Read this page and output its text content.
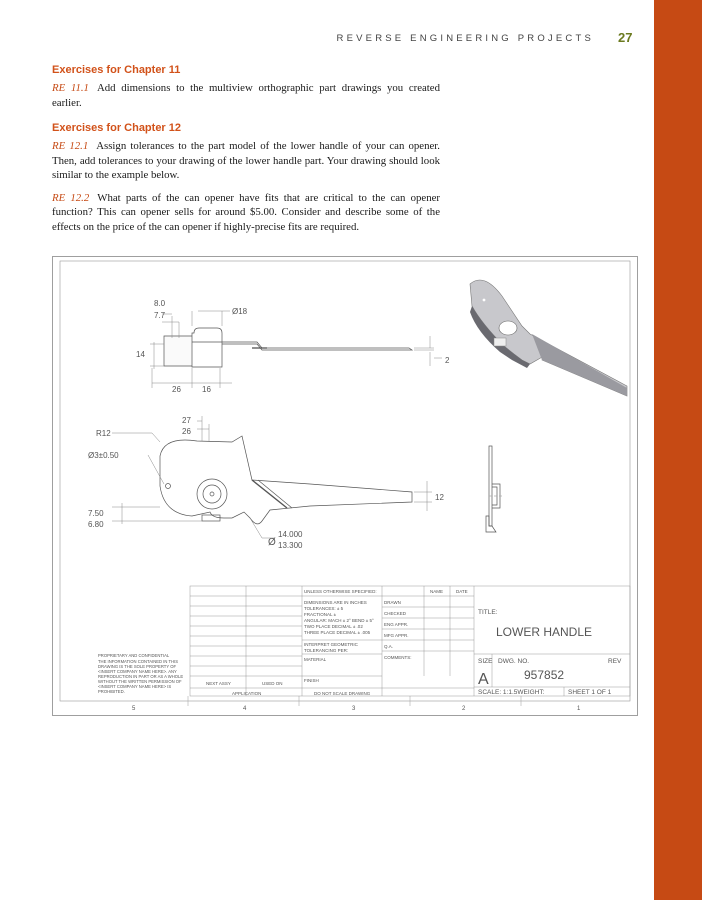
REVERSE ENGINEERING PROJECTS 27
Exercises for Chapter 11

RE 11.1 Add dimensions to the multiview orthographic part drawings you created earlier.

Exercises for Chapter 12

RE 12.1 Assign tolerances to the part model of the lower handle of your can opener. Then, add tolerances to your drawing of the lower handle part. Your drawing should look similar to the example below.

RE 12.2 What parts of the can opener have fits that are critical to the can opener function? This can opener sells for around $5.00. Consider and describe some of the effects on the price of the can opener if highly-precise fits are required.

5	4	3	2	1
8.0
7.7	Ø18
14
2
26	16
27
26
R12
Ø3±0.50
7.50
6.80
Ø
14.000
13.300
12
UNLESS OTHERWISE SPECIFIED:	NAME	DATE
DIMENSIONS ARE IN INCHES
TOLERANCES: ± 5
FRACTIONAL ±
ANGULAR: MACH ± 2° BEND ± 5°
TWO PLACE DECIMAL ± .02
THREE PLACE DECIMAL ± .005
DRAWN
CHECKED
ENG APPR.
MFG APPR.
Q.A.
COMMENTS:
INTERPRET GEOMETRIC
TOLERANCING PER:
MATERIAL
FINISH
NEXT ASSY	USED ON
APPLICATION	DO NOT SCALE DRAWING
PROPRIETARY AND CONFIDENTIAL
THE INFORMATION CONTAINED IN THIS
DRAWING IS THE SOLE PROPERTY OF
<INSERT COMPANY NAME HERE>. ANY
REPRODUCTION IN PART OR AS A WHOLE
WITHOUT THE WRITTEN PERMISSION OF
<INSERT COMPANY NAME HERE> IS
PROHIBITED.
TITLE:
LOWER HANDLE
SIZE
A
DWG. NO.
957852
REV
SCALE: 1:1.5WEIGHT:	SHEET 1 OF 1
